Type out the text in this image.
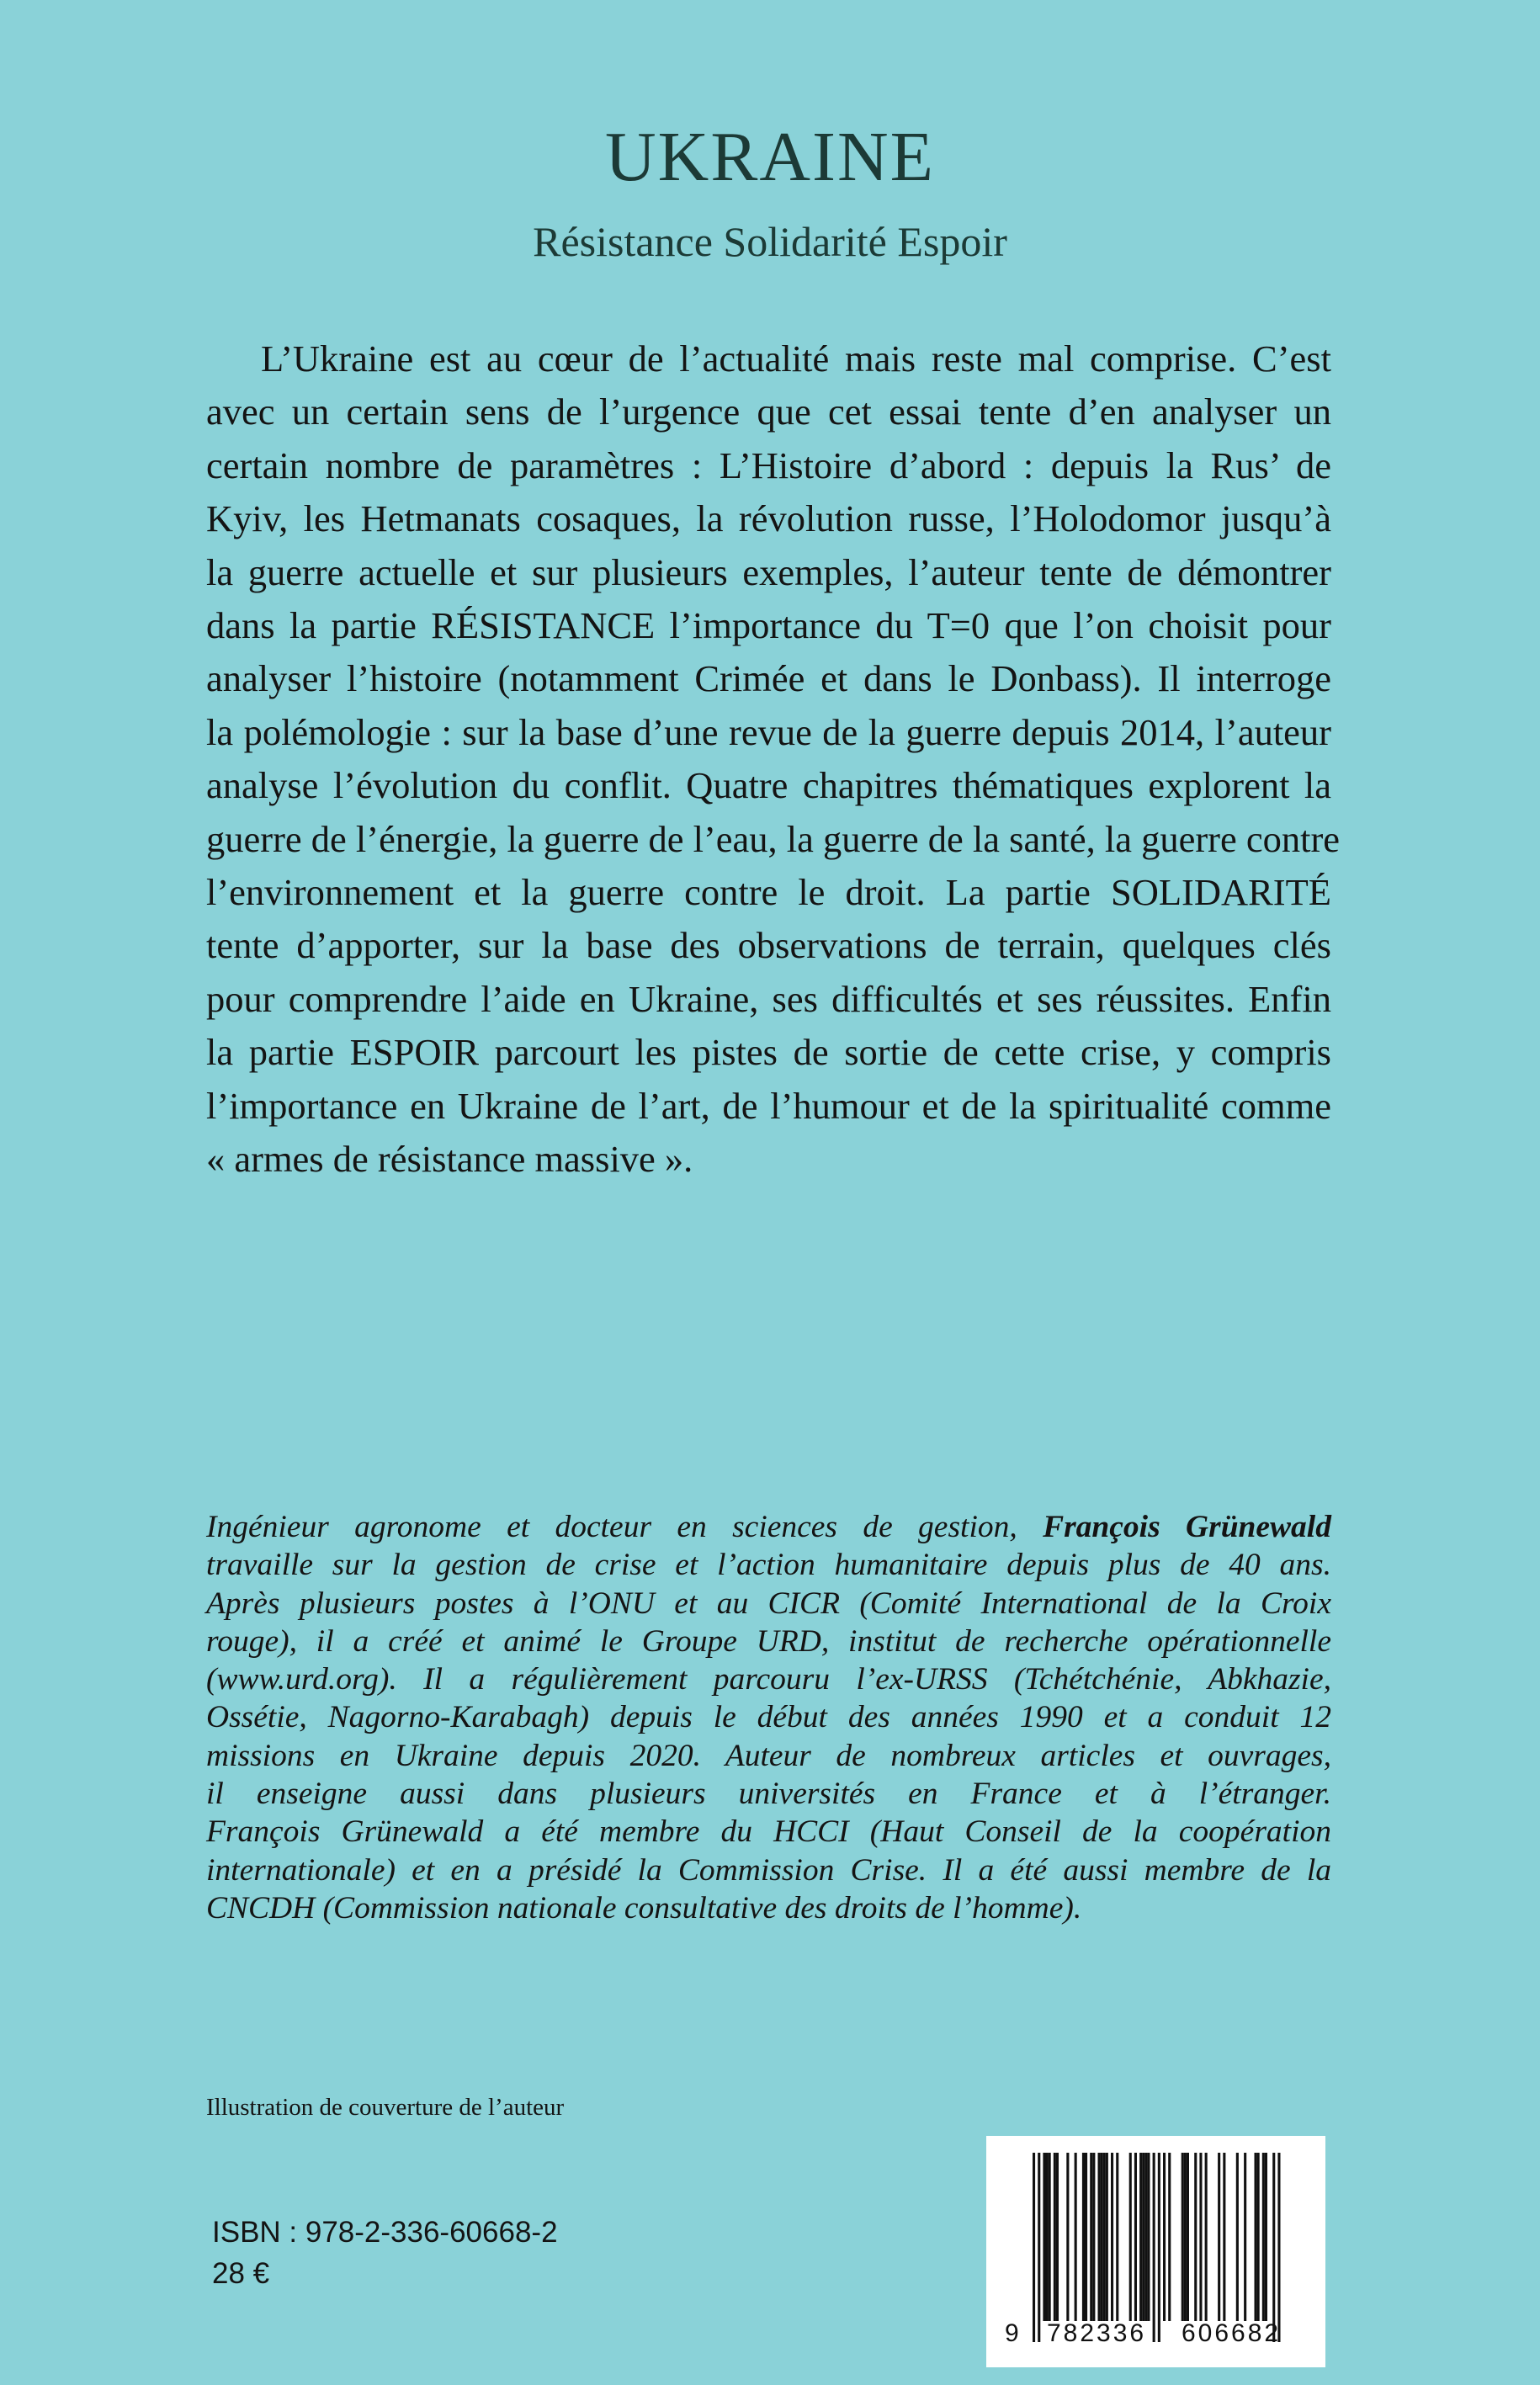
UKRAINE
Résistance Solidarité Espoir
L’Ukraine est au cœur de l’actualité mais reste mal comprise. C’est
avec un certain sens de l’urgence que cet essai tente d’en analyser un
certain nombre de paramètres : L’Histoire d’abord : depuis la Rus’ de
Kyiv, les Hetmanats cosaques, la révolution russe, l’Holodomor jusqu’à
la guerre actuelle et sur plusieurs exemples, l’auteur tente de démontrer
dans la partie RÉSISTANCE l’importance du T=0 que l’on choisit pour
analyser l’histoire (notamment Crimée et dans le Donbass). Il interroge
la polémologie : sur la base d’une revue de la guerre depuis 2014, l’auteur
analyse l’évolution du conflit. Quatre chapitres thématiques explorent la
guerre de l’énergie, la guerre de l’eau, la guerre de la santé, la guerre contre
l’environnement et la guerre contre le droit. La partie SOLIDARITÉ
tente d’apporter, sur la base des observations de terrain, quelques clés
pour comprendre l’aide en Ukraine, ses difficultés et ses réussites. Enfin
la partie ESPOIR parcourt les pistes de sortie de cette crise, y compris
l’importance en Ukraine de l’art, de l’humour et de la spiritualité comme
« armes de résistance massive ».
Ingénieur agronome et docteur en sciences de gestion, François Grünewald
travaille sur la gestion de crise et l’action humanitaire depuis plus de 40 ans.
Après plusieurs postes à l’ONU et au CICR (Comité International de la Croix
rouge), il a créé et animé le Groupe URD, institut de recherche opérationnelle
(www.urd.org). Il a régulièrement parcouru l’ex-URSS (Tchétchénie, Abkhazie,
Ossétie, Nagorno-Karabagh) depuis le début des années 1990 et a conduit 12
missions en Ukraine depuis 2020. Auteur de nombreux articles et ouvrages,
il enseigne aussi dans plusieurs universités en France et à l’étranger.
François Grünewald a été membre du HCCI (Haut Conseil de la coopération
internationale) et en a présidé la Commission Crise. Il a été aussi membre de la
CNCDH (Commission nationale consultative des droits de l’homme).
Illustration de couverture de l’auteur
ISBN : 978-2-336-60668-2
28 €
9 782336 606682
